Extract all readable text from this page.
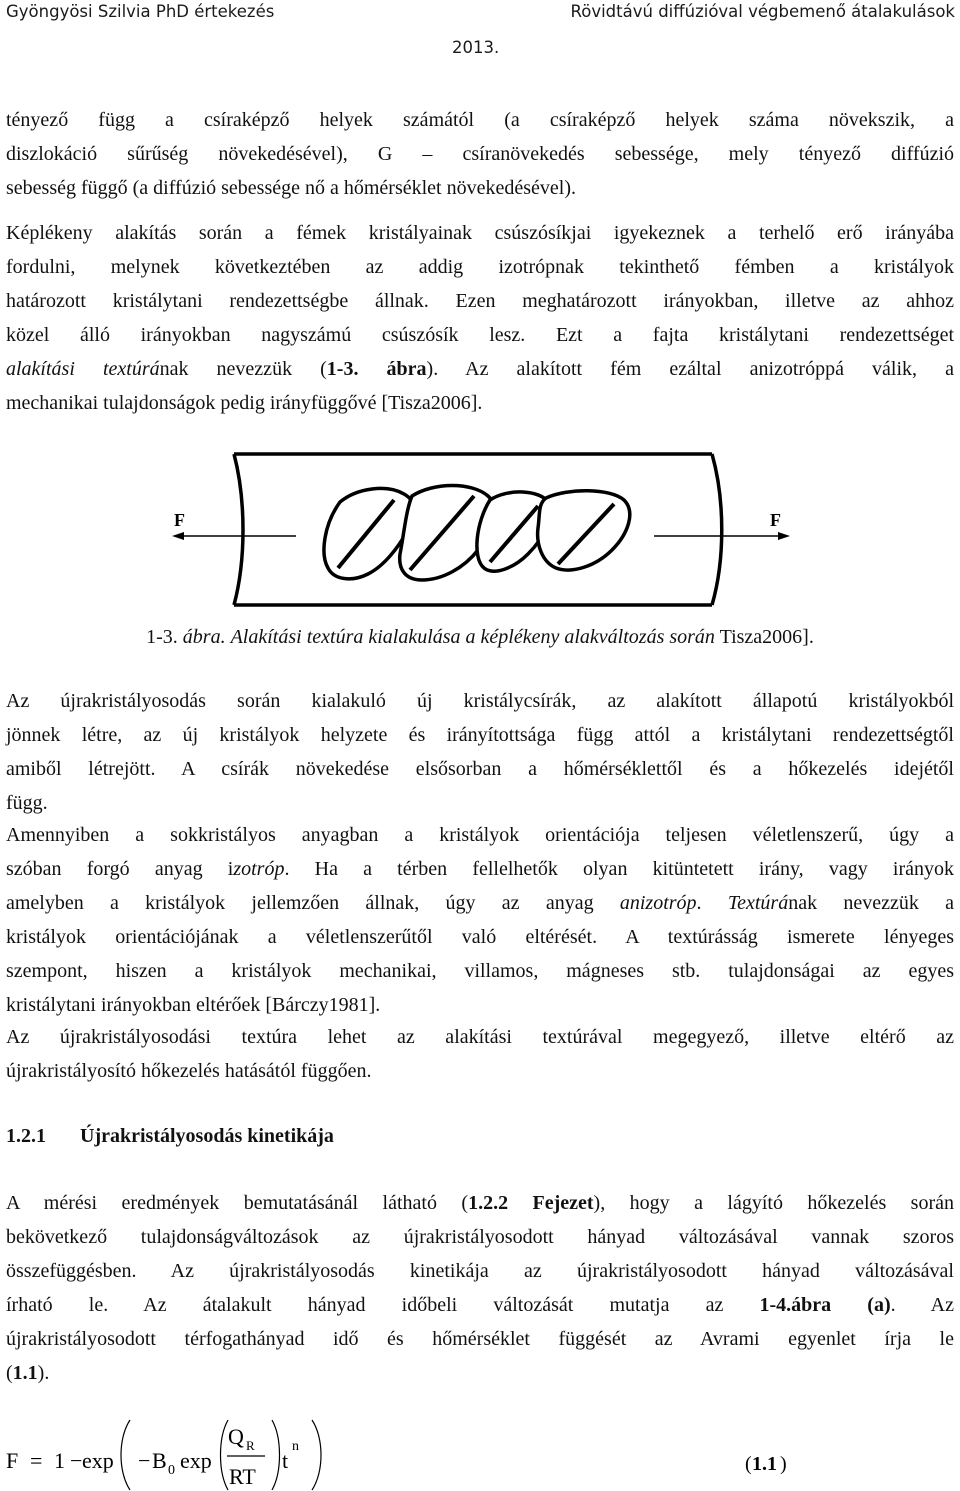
Gyöngyösi Szilvia PhD értekezés	Rövidtávú diffúzióval végbemenő átalakulások
2013.
tényező függ a csíraképző helyek számától (a csíraképző helyek száma növekszik, a
diszlokáció sűrűség növekedésével), G – csíranövekedés sebessége, mely tényező diffúzió
sebesség függő (a diffúzió sebessége nő a hőmérséklet növekedésével).
Képlékeny alakítás során a fémek kristályainak csúszósíkjai igyekeznek a terhelő erő irányába
fordulni, melynek következtében az addig izotrópnak tekinthető fémben a kristályok
határozott kristálytani rendezettségbe állnak. Ezen meghatározott irányokban, illetve az ahhoz
közel álló irányokban nagyszámú csúszósík lesz. Ezt a fajta kristálytani rendezettséget
alakítási textúrának nevezzük (1-3. ábra). Az alakított fém ezáltal anizotróppá válik, a
mechanikai tulajdonságok pedig irányfüggővé [Tisza2006].
F	F
1-3. ábra. Alakítási textúra kialakulása a képlékeny alakváltozás során Tisza2006].
Az újrakristályosodás során kialakuló új kristálycsírák, az alakított állapotú kristályokból
jönnek létre, az új kristályok helyzete és irányítottsága függ attól a kristálytani rendezettségtől
amiből létrejött. A csírák növekedése elsősorban a hőmérséklettől és a hőkezelés idejétől
függ.
Amennyiben a sokkristályos anyagban a kristályok orientációja teljesen véletlenszerű, úgy a
szóban forgó anyag izotróp. Ha a térben fellelhetők olyan kitüntetett irány, vagy irányok
amelyben a kristályok jellemzően állnak, úgy az anyag anizotróp. Textúrának nevezzük a
kristályok orientációjának a véletlenszerűtől való eltérését. A textúrásság ismerete lényeges
szempont, hiszen a kristályok mechanikai, villamos, mágneses stb. tulajdonságai az egyes
kristálytani irányokban eltérőek [Bárczy1981].
Az újrakristályosodási textúra lehet az alakítási textúrával megegyező, illetve eltérő az
újrakristályosító hőkezelés hatásától függően.
1.2.1 Újrakristályosodás kinetikája
A mérési eredmények bemutatásánál látható (1.2.2 Fejezet), hogy a lágyító hőkezelés során
bekövetkező tulajdonságváltozások az újrakristályosodott hányad változásával vannak szoros
összefüggésben. Az újrakristályosodás kinetikája az újrakristályosodott hányad változásával
írható le. Az átalakult hányad időbeli változását mutatja az 1-4.ábra (a). Az
újrakristályosodott térfogathányad idő és hőmérséklet függését az Avrami egyenlet írja le
(1.1).
F = 1 − exp − B 0 exp
Q R
RT
t
n
( 1.1 )
